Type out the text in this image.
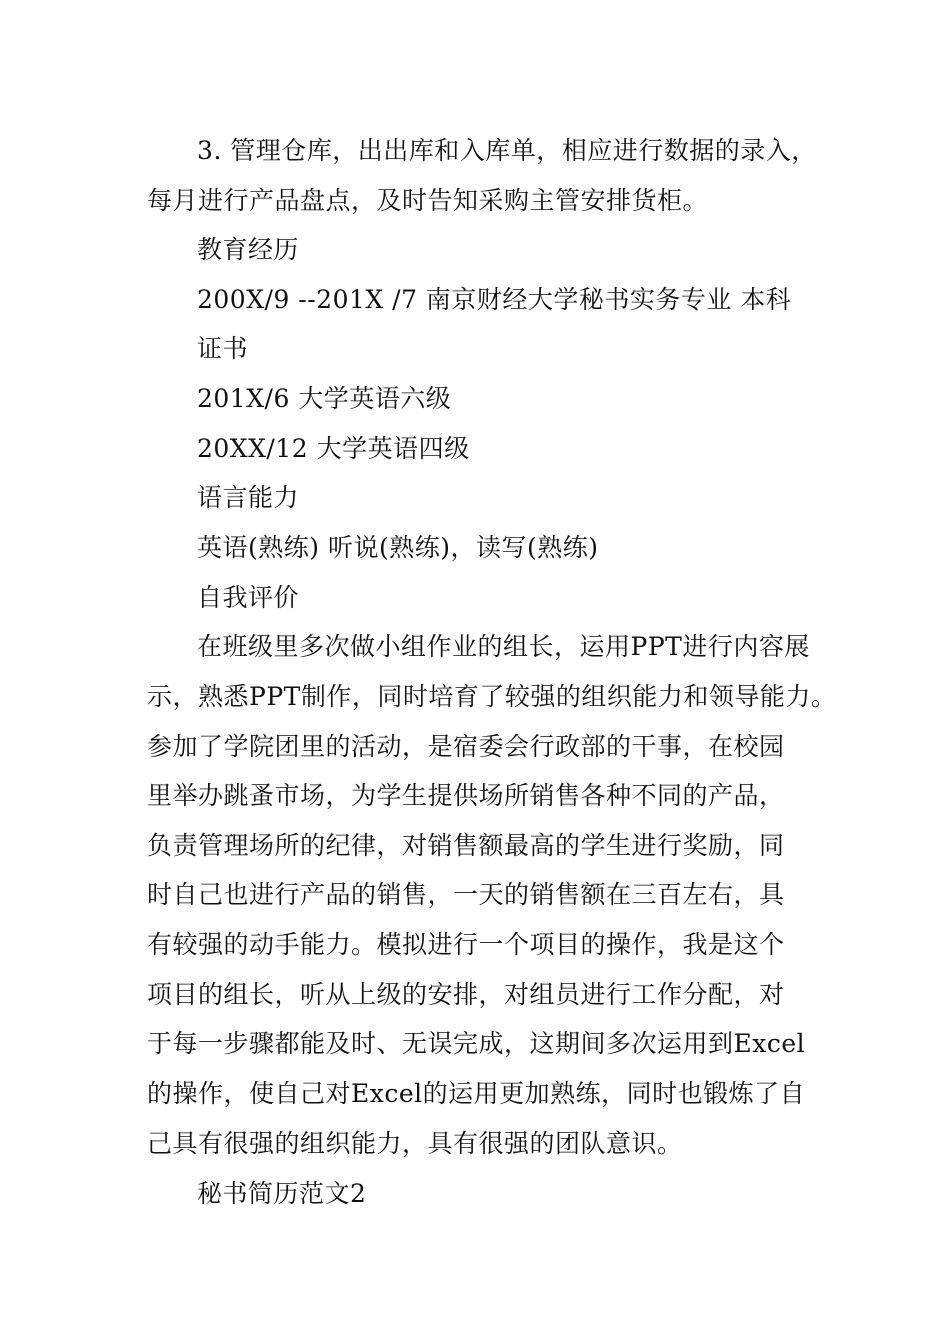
3. 管理仓库，出出库和入库单，相应进行数据的录入，
每月进行产品盘点，及时告知采购主管安排货柜。
教育经历
200X/9 --201X /7 南京财经大学秘书实务专业 本科
证书
201X/6 大学英语六级
20XX/12 大学英语四级
语言能力
英语(熟练) 听说(熟练)，读写(熟练)
自我评价
在班级里多次做小组作业的组长，运用PPT进行内容展
示，熟悉PPT制作，同时培育了较强的组织能力和领导能力。
参加了学院团里的活动，是宿委会行政部的干事，在校园
里举办跳蚤市场，为学生提供场所销售各种不同的产品，
负责管理场所的纪律，对销售额最高的学生进行奖励，同
时自己也进行产品的销售，一天的销售额在三百左右，具
有较强的动手能力。模拟进行一个项目的操作，我是这个
项目的组长，听从上级的安排，对组员进行工作分配，对
于每一步骤都能及时、无误完成，这期间多次运用到Excel
的操作，使自己对Excel的运用更加熟练，同时也锻炼了自
己具有很强的组织能力，具有很强的团队意识。
秘书简历范文2
